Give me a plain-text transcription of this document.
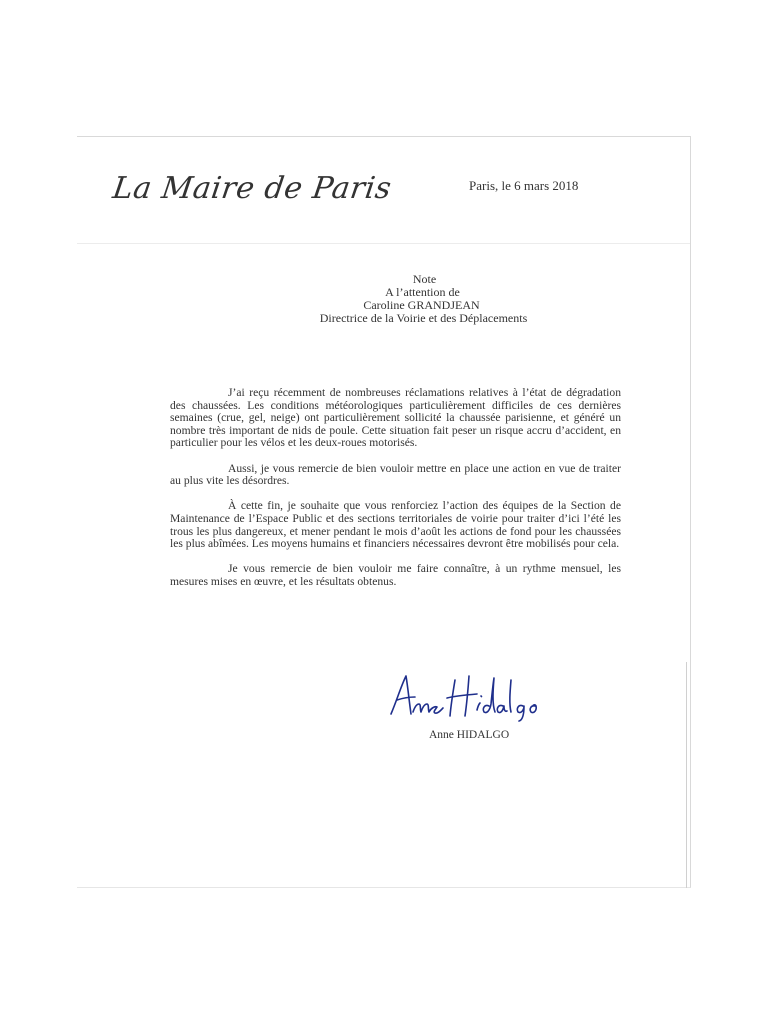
La Maire de Paris	Paris, le 6 mars 2018
Note
A l’attention de
Caroline GRANDJEAN
Directrice de la Voirie et des Déplacements

J’ai reçu récemment de nombreuses réclamations relatives à l’état de dégradation des chaussées. Les conditions météorologiques particulièrement difficiles de ces dernières semaines (crue, gel, neige) ont particulièrement sollicité la chaussée parisienne, et généré un nombre très important de nids de poule. Cette situation fait peser un risque accru d’accident, en particulier pour les vélos et les deux-roues motorisés.

Aussi, je vous remercie de bien vouloir mettre en place une action en vue de traiter au plus vite les désordres.

À cette fin, je souhaite que vous renforciez l’action des équipes de la Section de Maintenance de l’Espace Public et des sections territoriales de voirie pour traiter d’ici l’été les trous les plus dangereux, et mener pendant le mois d’août les actions de fond pour les chaussées les plus abîmées. Les moyens humains et financiers nécessaires devront être mobilisés pour cela.

Je vous remercie de bien vouloir me faire connaître, à un rythme mensuel, les mesures mises en œuvre, et les résultats obtenus.

Anne HIDALGO
